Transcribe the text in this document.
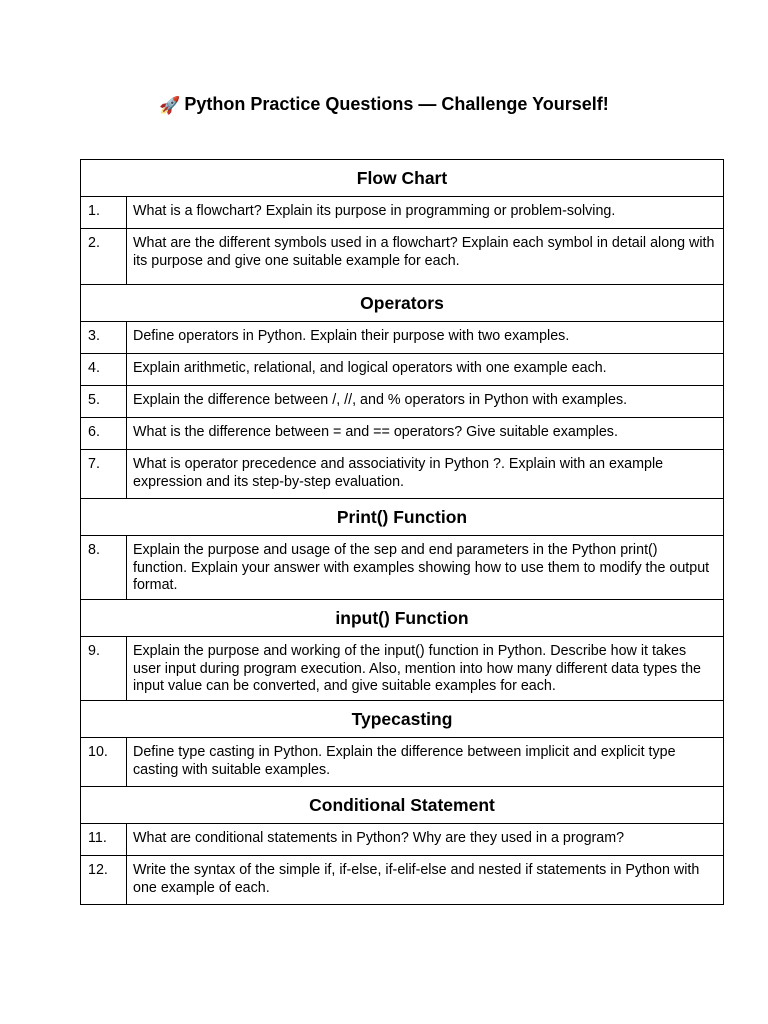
🚀 Python Practice Questions — Challenge Yourself!
Flow Chart	
1.	What is a flowchart? Explain its purpose in programming or problem-solving.
2.	What are the different symbols used in a flowchart? Explain each symbol in detail along with its purpose and give one suitable example for each.
Operators	
3.	Define operators in Python. Explain their purpose with two examples.
4.	Explain arithmetic, relational, and logical operators with one example each.
5.	Explain the difference between /, //, and % operators in Python with examples.
6.	What is the difference between = and == operators? Give suitable examples.
7.	What is operator precedence and associativity in Python ?. Explain with an example expression and its step-by-step evaluation.
Print() Function	
8.	Explain the purpose and usage of the sep and end parameters in the Python print() function. Explain your answer with examples showing how to use them to modify the output format.
input() Function	
9.	Explain the purpose and working of the input() function in Python. Describe how it takes user input during program execution. Also, mention into how many different data types the input value can be converted, and give suitable examples for each.
Typecasting	
10.	Define type casting in Python. Explain the difference between implicit and explicit type casting with suitable examples.
Conditional Statement	
11.	What are conditional statements in Python? Why are they used in a program?
12.	Write the syntax of the simple if, if-else, if-elif-else and nested if statements in Python with one example of each.
